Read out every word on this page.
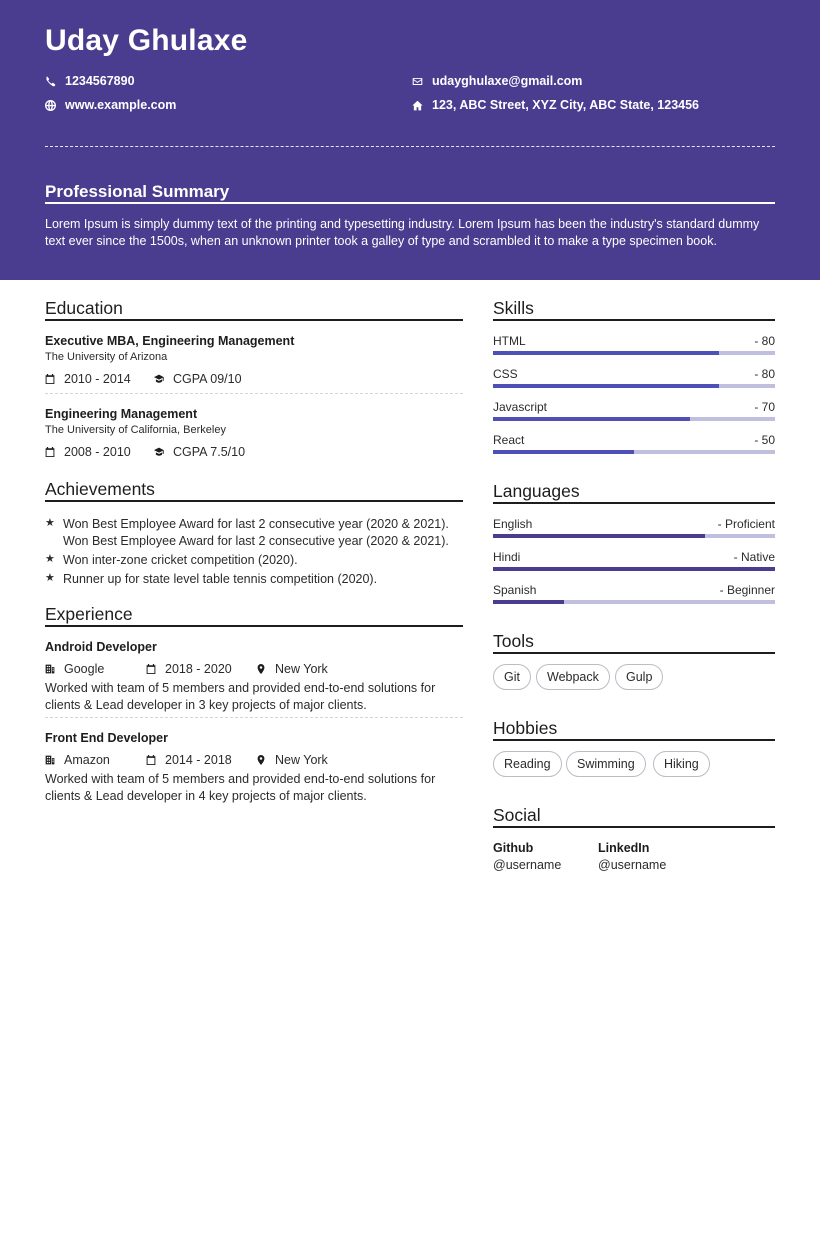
Uday Ghulaxe
1234567890
www.example.com
udayghulaxe@gmail.com
123, ABC Street, XYZ City, ABC State, 123456
Professional Summary
Lorem Ipsum is simply dummy text of the printing and typesetting industry. Lorem Ipsum has been the industry's standard dummy text ever since the 1500s, when an unknown printer took a galley of type and scrambled it to make a type specimen book.
Education
Executive MBA, Engineering Management
The University of Arizona
2010 - 2014	CGPA 09/10
Engineering Management
The University of California, Berkeley
2008 - 2010	CGPA 7.5/10
Achievements
★ Won Best Employee Award for last 2 consecutive year (2020 & 2021).
Won Best Employee Award for last 2 consecutive year (2020 & 2021).
★ Won inter-zone cricket competition (2020).
★ Runner up for state level table tennis competition (2020).
Experience
Android Developer
Google	2018 - 2020	New York
Worked with team of 5 members and provided end-to-end solutions for clients & Lead developer in 3 key projects of major clients.
Front End Developer
Amazon	2014 - 2018	New York
Worked with team of 5 members and provided end-to-end solutions for clients & Lead developer in 4 key projects of major clients.
Skills
HTML	- 80
CSS	- 80
Javascript	- 70
React	- 50
Languages
English	- Proficient
Hindi	- Native
Spanish	- Beginner
Tools
Git	Webpack	Gulp
Hobbies
Reading	Swimming	Hiking
Social
Github
@username
LinkedIn
@username
